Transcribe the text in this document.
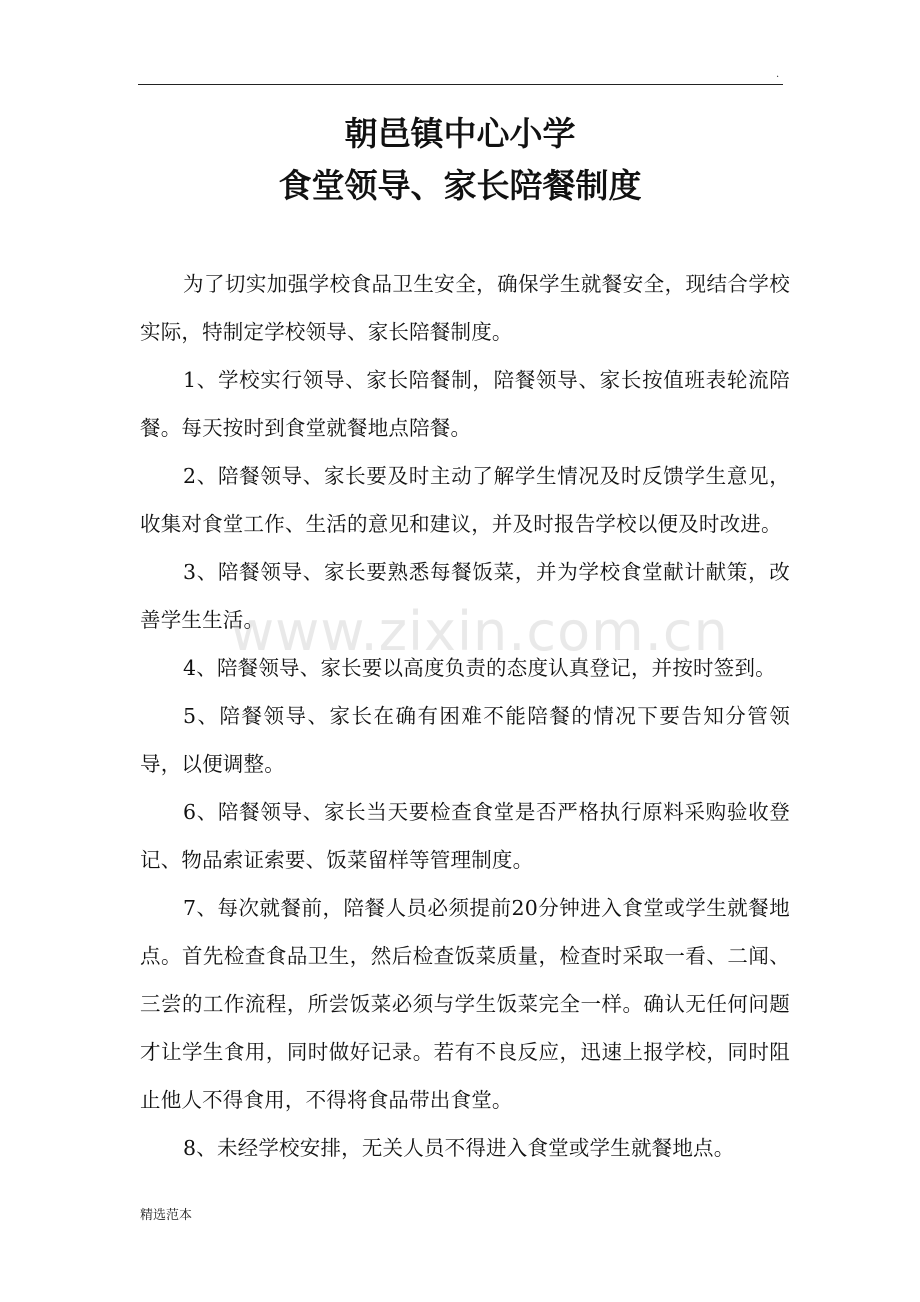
.
朝邑镇中心小学
食堂领导、家长陪餐制度

为了切实加强学校食品卫生安全，确保学生就餐安全，现结合学校实际，特制定学校领导、家长陪餐制度。

1、学校实行领导、家长陪餐制，陪餐领导、家长按值班表轮流陪餐。每天按时到食堂就餐地点陪餐。

2、陪餐领导、家长要及时主动了解学生情况及时反馈学生意见，收集对食堂工作、生活的意见和建议，并及时报告学校以便及时改进。

3、陪餐领导、家长要熟悉每餐饭菜，并为学校食堂献计献策，改善学生生活。

4、陪餐领导、家长要以高度负责的态度认真登记，并按时签到。

5、陪餐领导、家长在确有困难不能陪餐的情况下要告知分管领导，以便调整。

6、陪餐领导、家长当天要检查食堂是否严格执行原料采购验收登记、物品索证索要、饭菜留样等管理制度。

7、每次就餐前，陪餐人员必须提前20分钟进入食堂或学生就餐地点。首先检查食品卫生，然后检查饭菜质量，检查时采取一看、二闻、三尝的工作流程，所尝饭菜必须与学生饭菜完全一样。确认无任何问题才让学生食用，同时做好记录。若有不良反应，迅速上报学校，同时阻止他人不得食用，不得将食品带出食堂。

8、未经学校安排，无关人员不得进入食堂或学生就餐地点。

www.zixin.com.cn
精选范本
